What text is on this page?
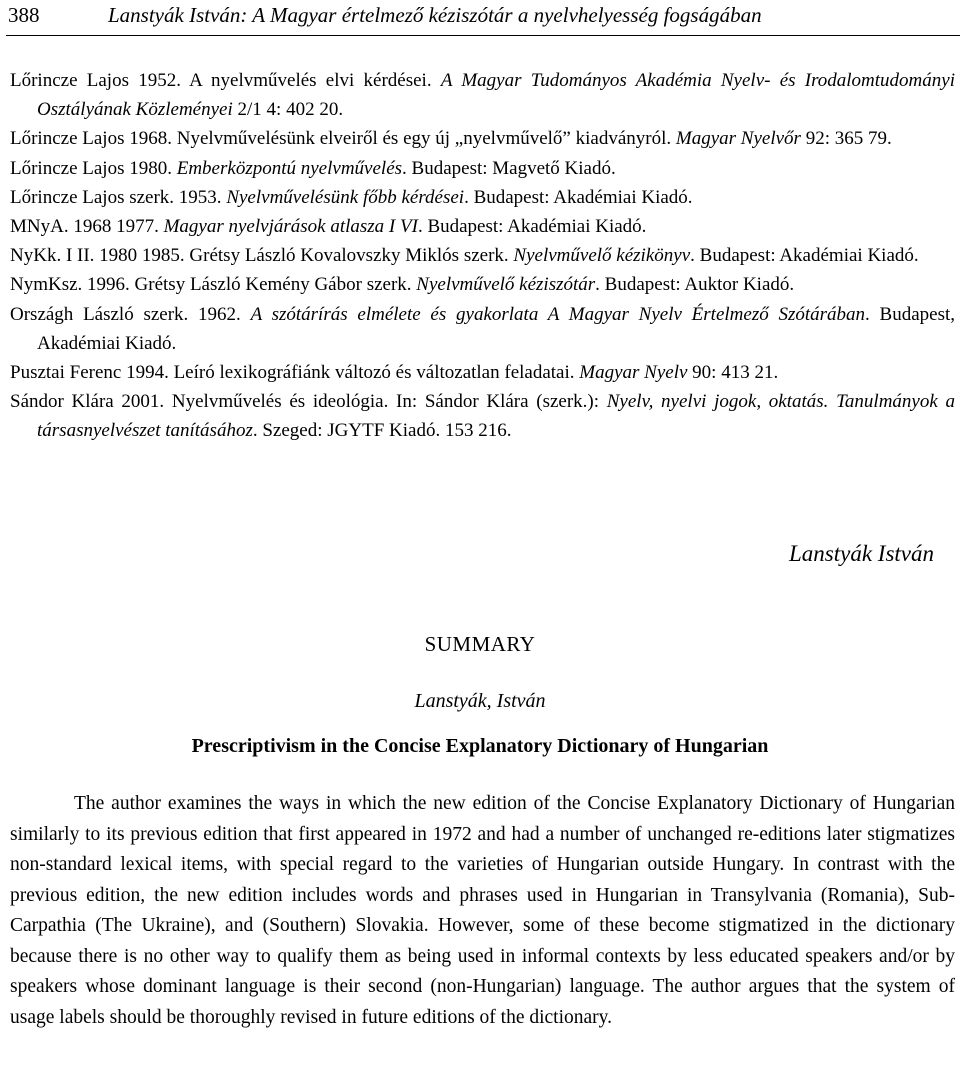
388	Lanstyák István: A Magyar értelmező kéziszótár a nyelvhelyesség fogságában

Lőrincze Lajos 1952. A nyelvművelés elvi kérdései. A Magyar Tudományos Akadémia Nyelv- és Irodalomtudományi Osztályának Közleményei 2/1 4: 402 20.

Lőrincze Lajos 1968. Nyelvművelésünk elveiről és egy új „nyelvművelő” kiadványról. Magyar Nyelvőr 92: 365 79.

Lőrincze Lajos 1980. Emberközpontú nyelvművelés. Budapest: Magvető Kiadó.

Lőrincze Lajos szerk. 1953. Nyelvművelésünk főbb kérdései. Budapest: Akadémiai Kiadó.

MNyA. 1968 1977. Magyar nyelvjárások atlasza I VI. Budapest: Akadémiai Kiadó.

NyKk. I II. 1980 1985. Grétsy László Kovalovszky Miklós szerk. Nyelvművelő kézikönyv. Budapest: Akadémiai Kiadó.

NymKsz. 1996. Grétsy László Kemény Gábor szerk. Nyelvművelő kéziszótár. Budapest: Auktor Kiadó.

Országh László szerk. 1962. A szótárírás elmélete és gyakorlata A Magyar Nyelv Értelmező Szótárában. Budapest, Akadémiai Kiadó.

Pusztai Ferenc 1994. Leíró lexikográfiánk változó és változatlan feladatai. Magyar Nyelv 90: 413 21.

Sándor Klára 2001. Nyelvművelés és ideológia. In: Sándor Klára (szerk.): Nyelv, nyelvi jogok, oktatás. Tanulmányok a társasnyelvészet tanításához. Szeged: JGYTF Kiadó. 153 216.

Lanstyák István
SUMMARY
Lanstyák, István
Prescriptivism in the Concise Explanatory Dictionary of Hungarian

The author examines the ways in which the new edition of the Concise Explanatory Dictionary of Hungarian similarly to its previous edition that first appeared in 1972 and had a number of unchanged re-editions later stigmatizes non-standard lexical items, with special regard to the varieties of Hungarian outside Hungary. In contrast with the previous edition, the new edition includes words and phrases used in Hungarian in Transylvania (Romania), Sub-Carpathia (The Ukraine), and (Southern) Slovakia. However, some of these become stigmatized in the dictionary because there is no other way to qualify them as being used in informal contexts by less educated speakers and/or by speakers whose dominant language is their second (non-Hungarian) language. The author argues that the system of usage labels should be thoroughly revised in future editions of the dictionary.
